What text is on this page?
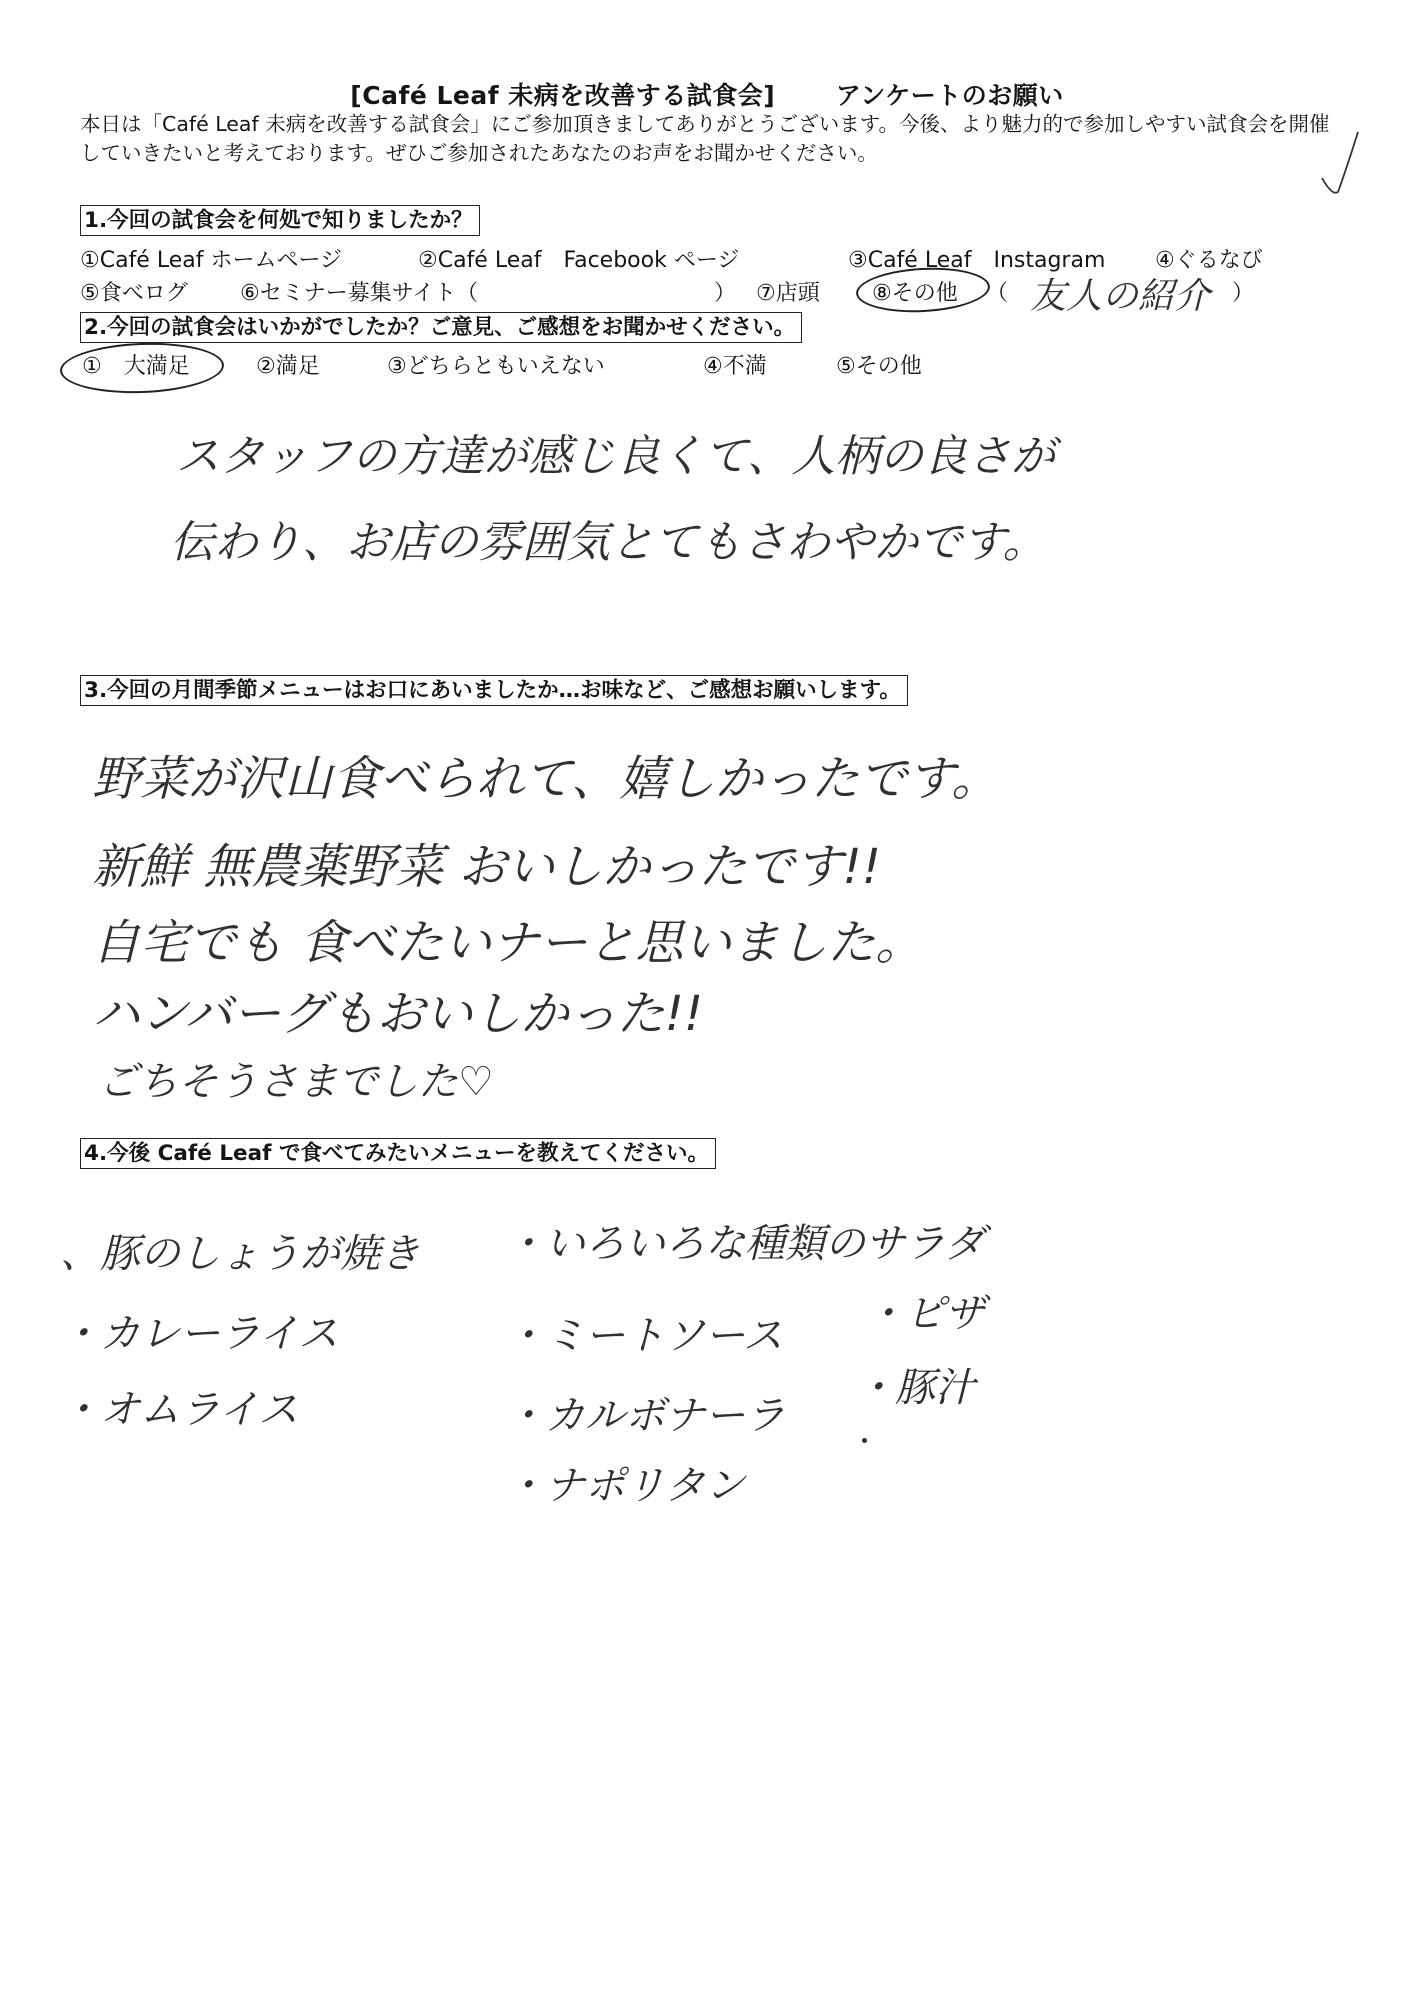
[Café Leaf 未病を改善する試食会] アンケートのお願い
本日は「Café Leaf 未病を改善する試食会」にご参加頂きましてありがとうございます。今後、より魅力的で参加しやすい試食会を開催していきたいと考えております。ぜひご参加されたあなたのお声をお聞かせください。
1.今回の試食会を何処で知りましたか？
①Café Leaf ホームページ	②Café Leaf　Facebook ページ	③Café Leaf　Instagram ④ぐるなび
⑤食べログ ⑥セミナー募集サイト（	） ⑦店頭 ⑧その他 （ 友人の紹介 ）
2.今回の試食会はいかがでしたか？ご意見、ご感想をお聞かせください。
①　大満足	②満足	③どちらともいえない	④不満	⑤その他
スタッフの方達が感じ良くて、人柄の良さが
伝わり、お店の雰囲気とてもさわやかです。
3.今回の月間季節メニューはお口にあいましたか…お味など、ご感想お願いします。
野菜が沢山食べられて、嬉しかったです。
新鮮 無農薬野菜 おいしかったです!!
自宅でも 食べたいナーと思いました。
ハンバーグもおいしかった!!
ごちそうさまでした♡
4.今後 Café Leaf で食べてみたいメニューを教えてください。
、豚のしょうが焼き
・カレーライス
・オムライス
・いろいろな種類のサラダ
・ミートソース
・カルボナーラ
・ナポリタン
・ピザ
・豚汁
